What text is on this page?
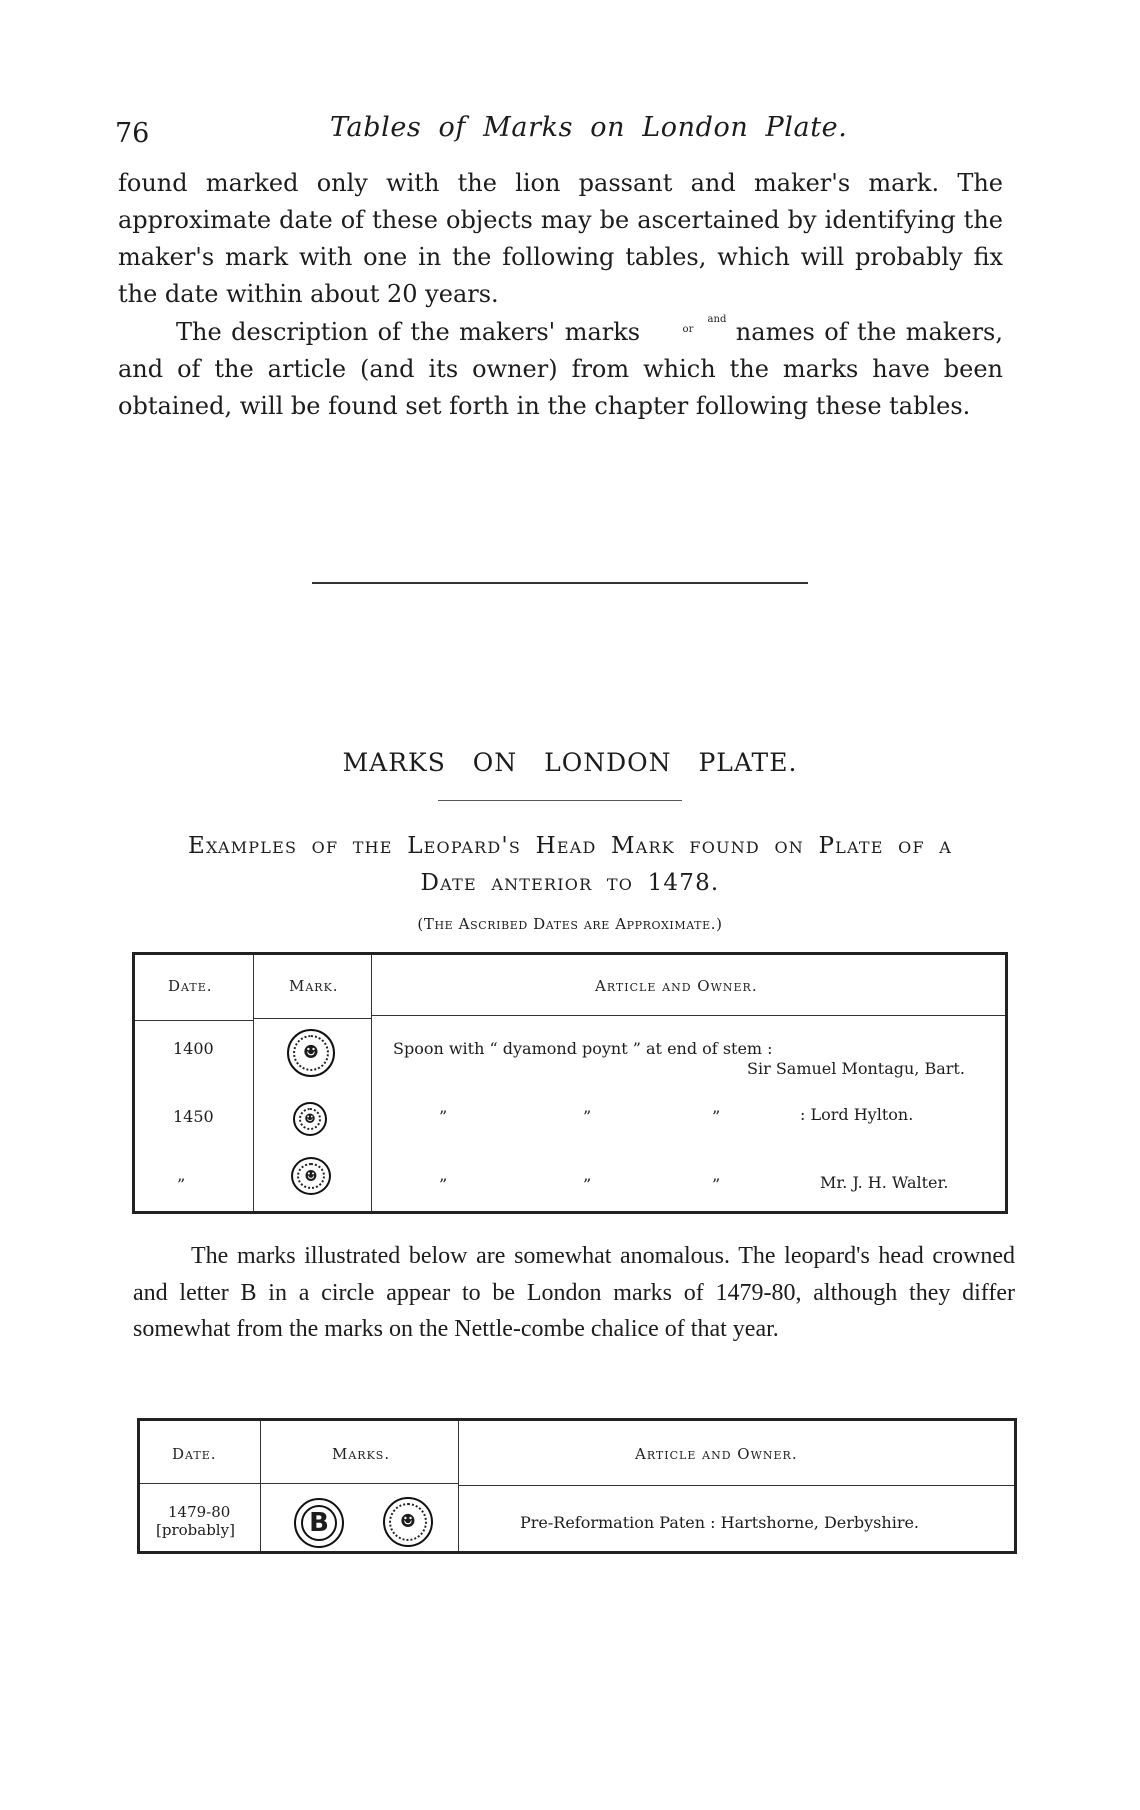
76	Tables of Marks on London Plate.

found marked only with the lion passant and maker's mark. The approximate date of these objects may be ascertained by identifying the maker's mark with one in the following tables, which will probably fix the date within about 20 years.

The description of the makers' marks	and
or names of the makers, and of the article (and its owner) from which the marks have been obtained, will be found set forth in the chapter following these tables.

MARKS ON LONDON PLATE.
Examples of the Leopard's Head Mark found on Plate of a
Date anterior to 1478.
(The Ascribed Dates are Approximate.)
Date.	Mark.	Article and Owner.
1400	☻	Spoon with “ dyamond poynt ” at end of stem :
Sir Samuel Montagu, Bart.
1450	☻	”	”	”	: Lord Hylton.
”	☻	”	”	”	Mr. J. H. Walter.

The marks illustrated below are somewhat anomalous. The leopard's head crowned and letter B in a circle appear to be London marks of 1479-80, although they differ somewhat from the marks on the Nettle-combe chalice of that year.

Date.	Marks.	Article and Owner.
1479-80
[probably]	B	☻	Pre-Reformation Paten : Hartshorne, Derbyshire.
